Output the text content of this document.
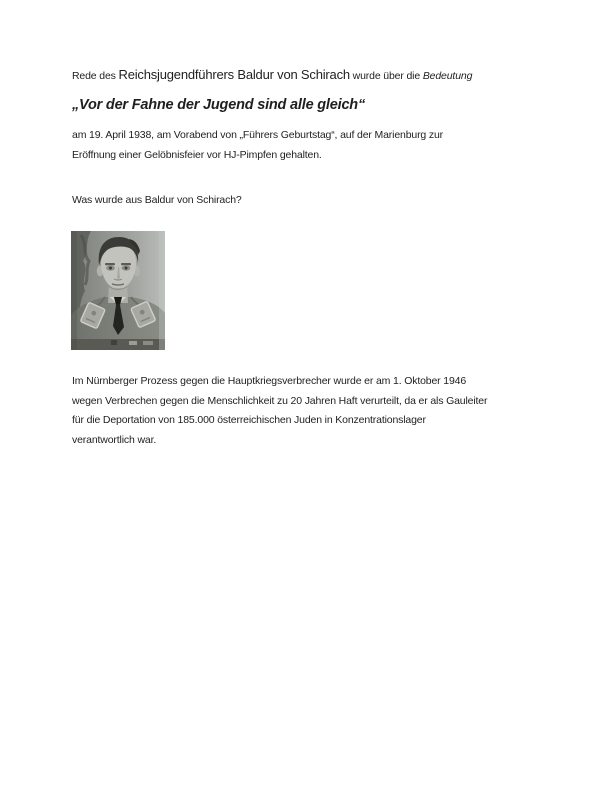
Rede des Reichsjugendführers Baldur von Schirach wurde über die Bedeutung
„Vor der Fahne der Jugend sind alle gleich“
am 19. April 1938, am Vorabend von „Führers Geburtstag“, auf der Marienburg zur
Eröffnung einer Gelöbnisfeier vor HJ-Pimpfen gehalten.
Was wurde aus Baldur von Schirach?
Im Nürnberger Prozess gegen die Hauptkriegsverbrecher wurde er am 1. Oktober 1946
wegen Verbrechen gegen die Menschlichkeit zu 20 Jahren Haft verurteilt, da er als Gauleiter
für die Deportation von 185.000 österreichischen Juden in Konzentrationslager
verantwortlich war.
